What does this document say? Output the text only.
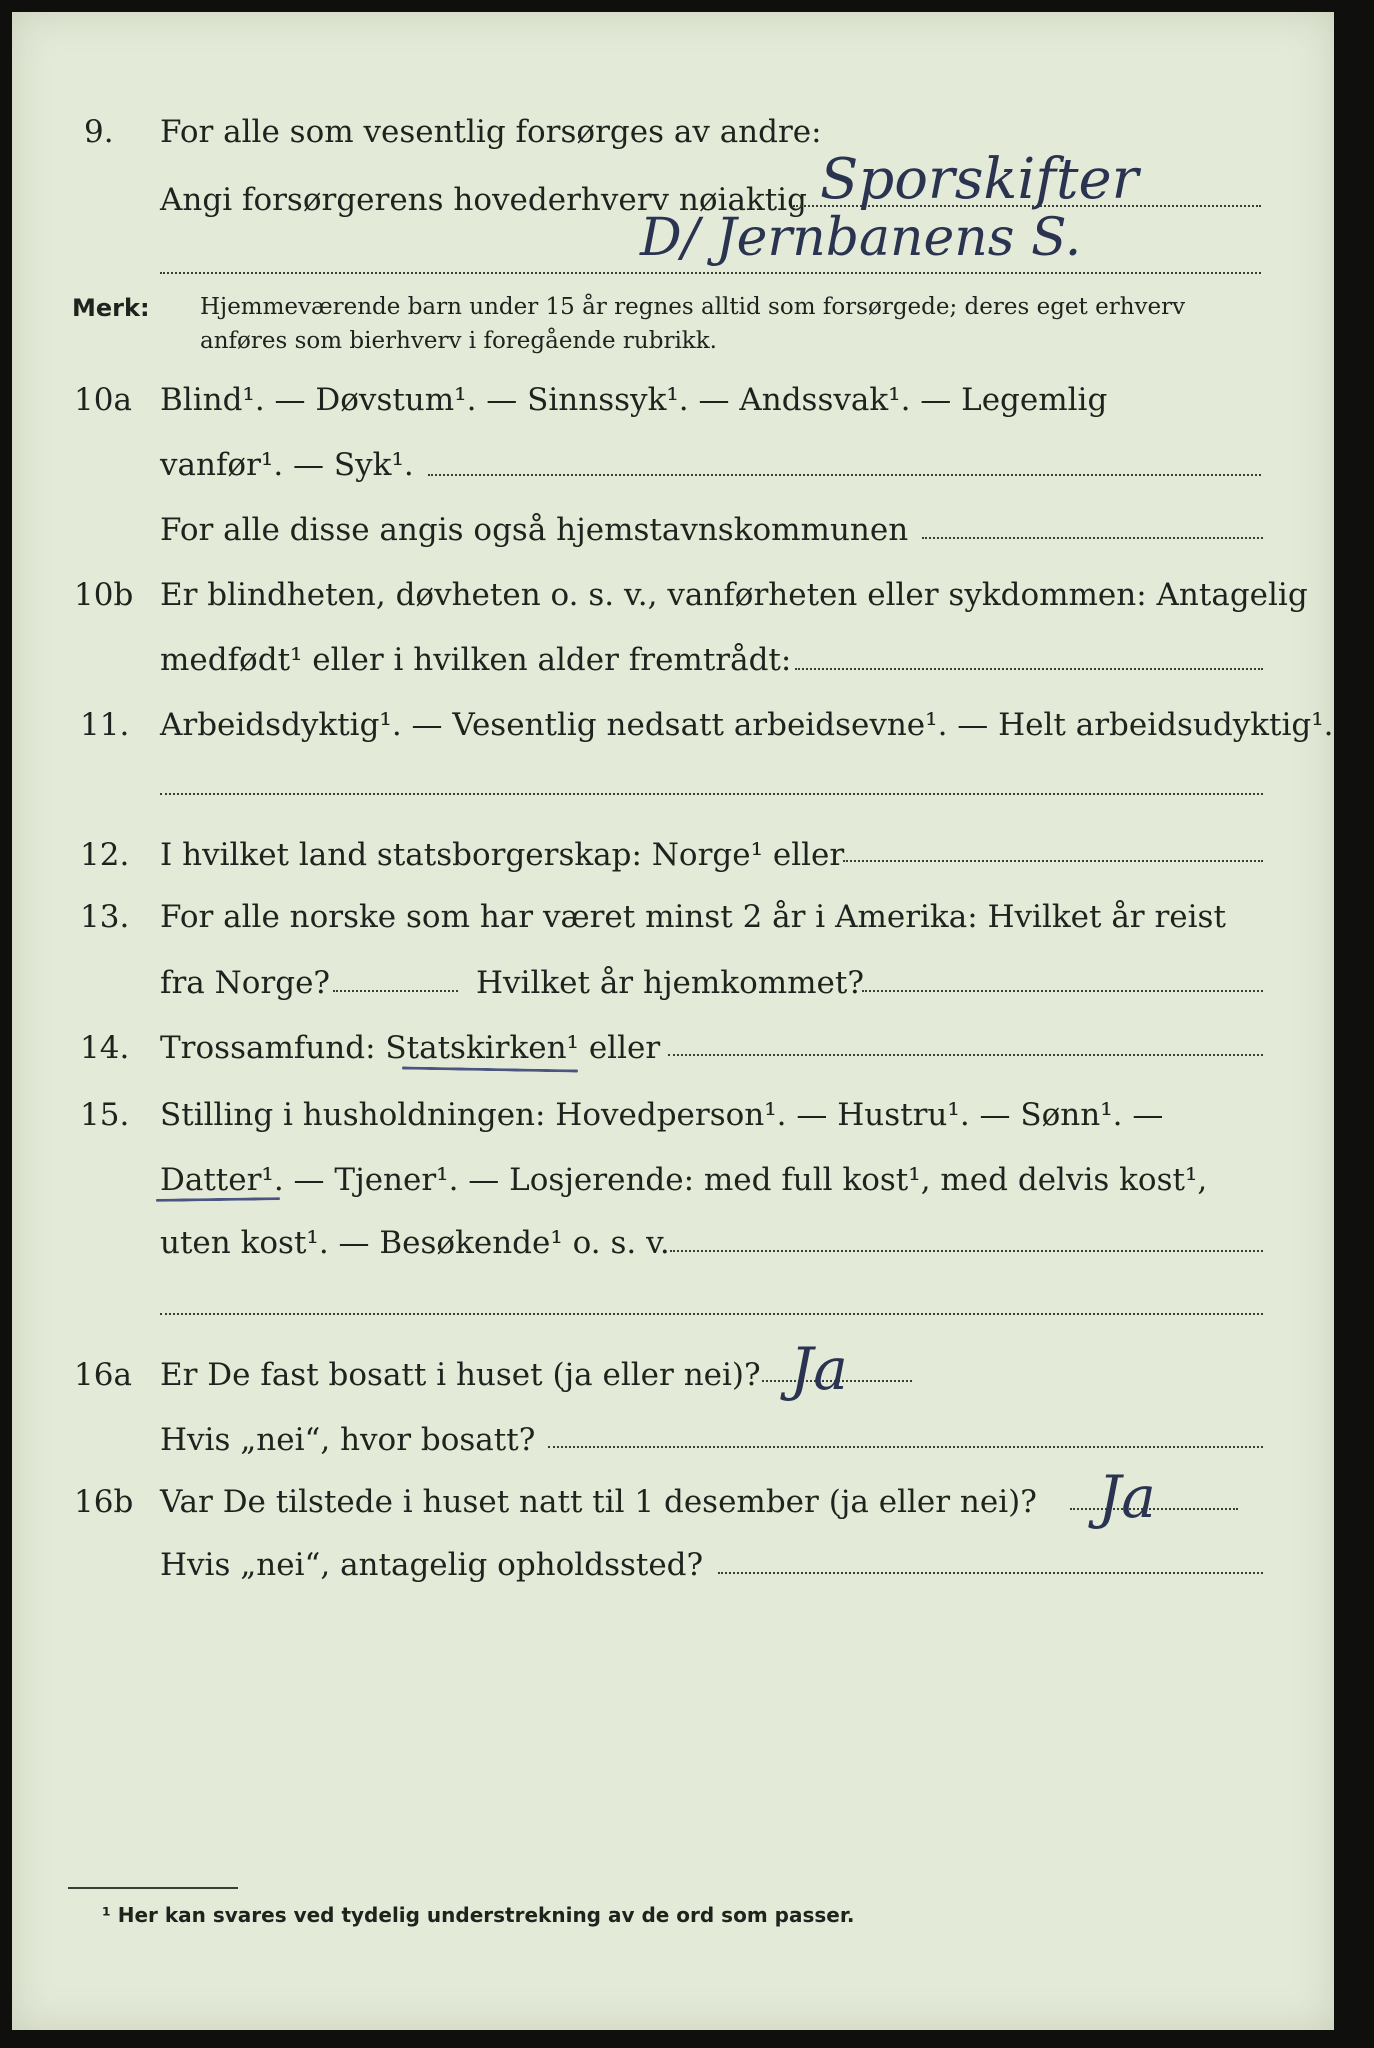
9. For alle som vesentlig forsørges av andre:
Angi forsørgerens hovederhverv nøiaktig Sporskifter
D/ Jernbanens S.
Merk: Hjemmeværende barn under 15 år regnes alltid som forsørgede; deres eget erhverv
anføres som bierhverv i foregående rubrikk.
10a Blind¹. — Døvstum¹. — Sinnssyk¹. — Andssvak¹. — Legemlig
vanfør¹. — Syk¹.
For alle disse angis også hjemstavnskommunen
10b Er blindheten, døvheten o. s. v., vanførheten eller sykdommen: Antagelig
medfødt¹ eller i hvilken alder fremtrådt:
11. Arbeidsdyktig¹. — Vesentlig nedsatt arbeidsevne¹. — Helt arbeidsudyktig¹.
12. I hvilket land statsborgerskap: Norge¹ eller
13. For alle norske som har været minst 2 år i Amerika: Hvilket år reist
fra Norge?	Hvilket år hjemkommet?
14. Trossamfund: Statskirken¹ eller
15. Stilling i husholdningen: Hovedperson¹. — Hustru¹. — Sønn¹. —
Datter¹. — Tjener¹. — Losjerende: med full kost¹, med delvis kost¹,
uten kost¹. — Besøkende¹ o. s. v.
16a Er De fast bosatt i huset (ja eller nei)? Ja
Hvis „nei“, hvor bosatt?
16b Var De tilstede i huset natt til 1 desember (ja eller nei)? Ja
Hvis „nei“, antagelig opholdssted?
¹ Her kan svares ved tydelig understrekning av de ord som passer.
